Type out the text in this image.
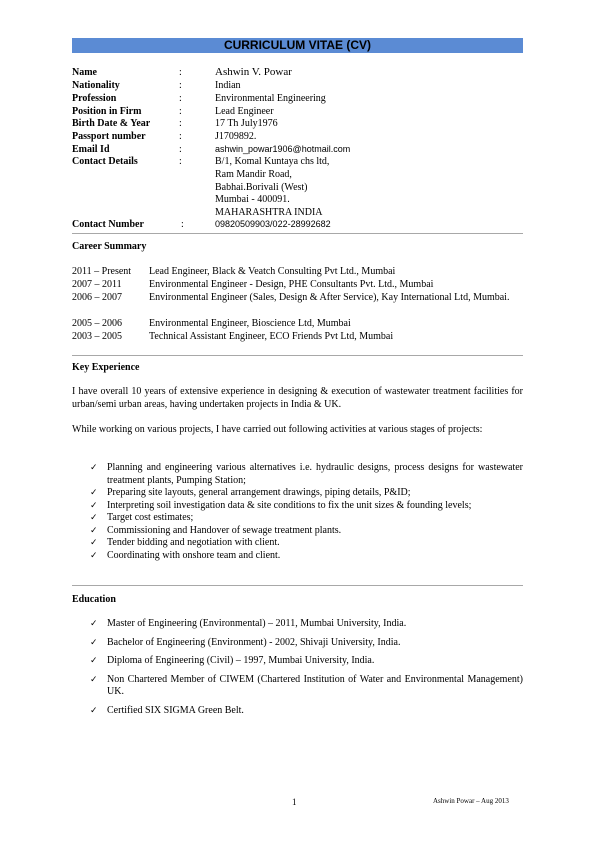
CURRICULUM VITAE (CV)
Name	:	Ashwin V. Powar
Nationality	:	Indian
Profession	:	Environmental Engineering
Position in Firm	:	Lead Engineer
Birth Date & Year	:	17 Th July1976
Passport number	:	J1709892.
Email Id	:	ashwin_powar1906@hotmail.com
Contact Details	:	B/1, Komal Kuntaya chs ltd,
Ram Mandir Road,
Babhai.Borivali (West)
Mumbai - 400091.
MAHARASHTRA INDIA
Contact Number	:	09820509903/022-28992682
Career Summary
2011 – Present Lead Engineer, Black & Veatch Consulting Pvt Ltd., Mumbai
2007 – 2011	Environmental Engineer - Design, PHE Consultants Pvt. Ltd., Mumbai
2006 – 2007	Environmental Engineer (Sales, Design & After Service), Kay International Ltd, Mumbai.
2005 – 2006	Environmental Engineer, Bioscience Ltd, Mumbai
2003 – 2005	Technical Assistant Engineer, ECO Friends Pvt Ltd, Mumbai
Key Experience
I have overall 10 years of extensive experience in designing & execution of wastewater treatment facilities for urban/semi urban areas, having undertaken projects in India & UK.
While working on various projects, I have carried out following activities at various stages of projects:
✓ Planning and engineering various alternatives i.e. hydraulic designs, process designs for wastewater treatment plants, Pumping Station;
✓ Preparing site layouts, general arrangement drawings, piping details, P&ID;
✓ Interpreting soil investigation data & site conditions to fix the unit sizes & founding levels;
✓ Target cost estimates;
✓ Commissioning and Handover of sewage treatment plants.
✓ Tender bidding and negotiation with client.
✓ Coordinating with onshore team and client.
Education
✓ Master of Engineering (Environmental) – 2011, Mumbai University, India.
✓ Bachelor of Engineering (Environment) - 2002, Shivaji University, India.
✓ Diploma of Engineering (Civil) – 1997, Mumbai University, India.
✓ Non Chartered Member of CIWEM (Chartered Institution of Water and Environmental Management) UK.
✓ Certified SIX SIGMA Green Belt.
1	Ashwin Powar – Aug 2013
